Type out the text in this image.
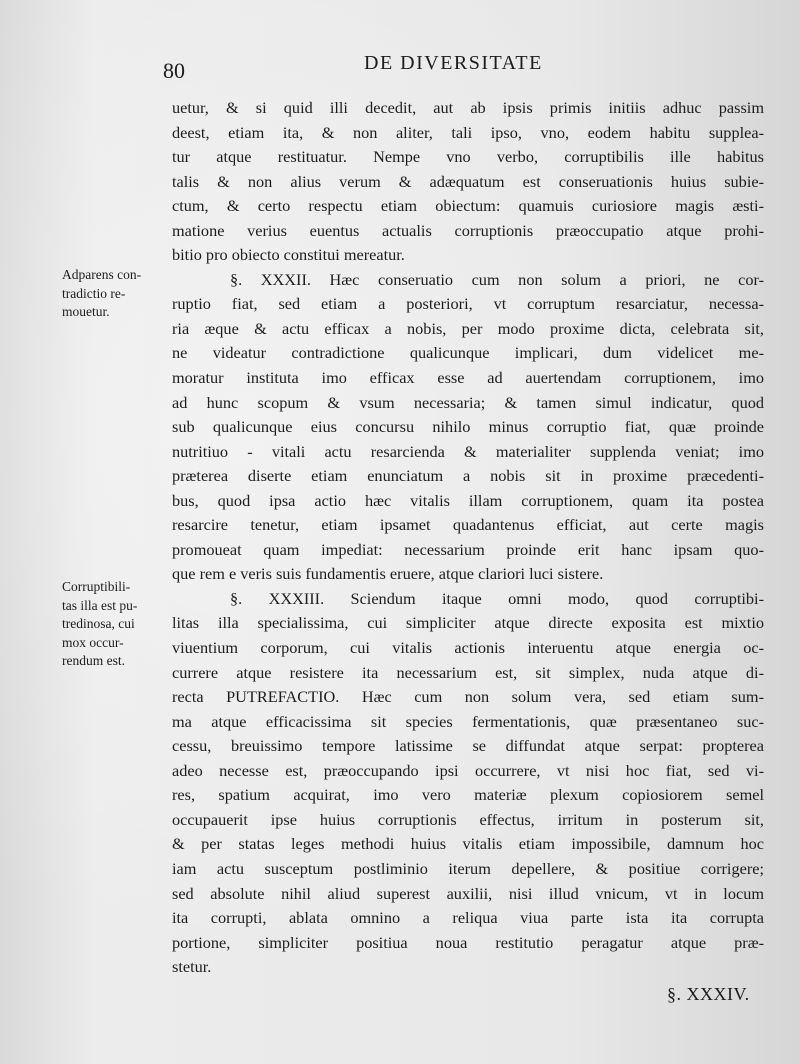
80	DE DIVERSITATE
uetur, & si quid illi decedit, aut ab ipsis primis initiis adhuc passim
deest, etiam ita, & non aliter, tali ipso, vno, eodem habitu supplea-
tur atque restituatur. Nempe vno verbo, corruptibilis ille habitus
talis & non alius verum & adæquatum est conseruationis huius subie-
ctum, & certo respectu etiam obiectum: quamuis curiosiore magis æsti-
matione verius euentus actualis corruptionis præoccupatio atque prohi-
bitio pro obiecto constitui mereatur.
§. XXXII. Hæc conseruatio cum non solum a priori, ne cor-
ruptio fiat, sed etiam a posteriori, vt corruptum resarciatur, necessa-
ria æque & actu efficax a nobis, per modo proxime dicta, celebrata sit,
ne videatur contradictione qualicunque implicari, dum videlicet me-
moratur instituta imo efficax esse ad auertendam corruptionem, imo
ad hunc scopum & vsum necessaria; & tamen simul indicatur, quod
sub qualicunque eius concursu nihilo minus corruptio fiat, quæ proinde
nutritiuo - vitali actu resarcienda & materialiter supplenda veniat; imo
præterea diserte etiam enunciatum a nobis sit in proxime præcedenti-
bus, quod ipsa actio hæc vitalis illam corruptionem, quam ita postea
resarcire tenetur, etiam ipsamet quadantenus efficiat, aut certe magis
promoueat quam impediat: necessarium proinde erit hanc ipsam quo-
que rem e veris suis fundamentis eruere, atque clariori luci sistere.
§. XXXIII. Sciendum itaque omni modo, quod corruptibi-
litas illa specialissima, cui simpliciter atque directe exposita est mixtio
viuentium corporum, cui vitalis actionis interuentu atque energia oc-
currere atque resistere ita necessarium est, sit simplex, nuda atque di-
recta PUTREFACTIO. Hæc cum non solum vera, sed etiam sum-
ma atque efficacissima sit species fermentationis, quæ præsentaneo suc-
cessu, breuissimo tempore latissime se diffundat atque serpat: propterea
adeo necesse est, præoccupando ipsi occurrere, vt nisi hoc fiat, sed vi-
res, spatium acquirat, imo vero materiæ plexum copiosiorem semel
occupauerit ipse huius corruptionis effectus, irritum in posterum sit,
& per statas leges methodi huius vitalis etiam impossibile, damnum hoc
iam actu susceptum postliminio iterum depellere, & positiue corrigere;
sed absolute nihil aliud superest auxilii, nisi illud vnicum, vt in locum
ita corrupti, ablata omnino a reliqua viua parte ista ita corrupta
portione, simpliciter positiua noua restitutio peragatur atque præ-
stetur.
Adparens con-
tradictio re-
mouetur.
Corruptibili-
tas illa est pu-
tredinosa, cui
mox occur-
rendum est.
§. XXXIV.
